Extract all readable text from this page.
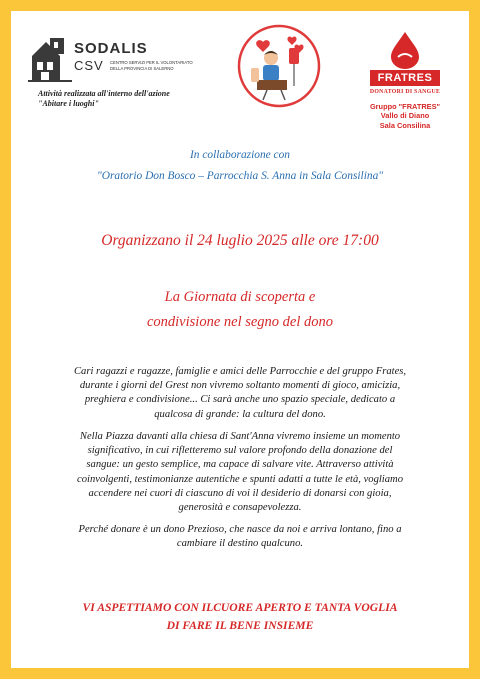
SODALIS
CSV CENTRO SERVIZI PER IL VOLONTARIATO
DELLA PROVINCIA DI SALERNO
Attività realizzata all'interno dell'azione
"Abitare i luoghi"
FRATRES
DONATORI DI SANGUE
Gruppo "FRATRES"
Vallo di Diano
Sala Consilina
In collaborazione con
"Oratorio Don Bosco – Parrocchia S. Anna in Sala Consilina"
Organizzano il 24 luglio 2025 alle ore 17:00
La Giornata di scoperta e
condivisione nel segno del dono
Cari ragazzi e ragazze, famiglie e amici delle Parrocchie e del gruppo Frates,
durante i giorni del Grest non vivremo soltanto momenti di gioco, amicizia,
preghiera e condivisione... Ci sarà anche uno spazio speciale, dedicato a
qualcosa di grande: la cultura del dono.
Nella Piazza davanti alla chiesa di Sant'Anna vivremo insieme un momento
significativo, in cui rifletteremo sul valore profondo della donazione del
sangue: un gesto semplice, ma capace di salvare vite. Attraverso attività
coinvolgenti, testimonianze autentiche e spunti adatti a tutte le età, vogliamo
accendere nei cuori di ciascuno di voi il desiderio di donarsi con gioia,
generosità e consapevolezza.
Perché donare è un dono Prezioso, che nasce da noi e arriva lontano, fino a
cambiare il destino qualcuno.
VI ASPETTIAMO CON ILCUORE APERTO E TANTA VOGLIA
DI FARE IL BENE INSIEME
